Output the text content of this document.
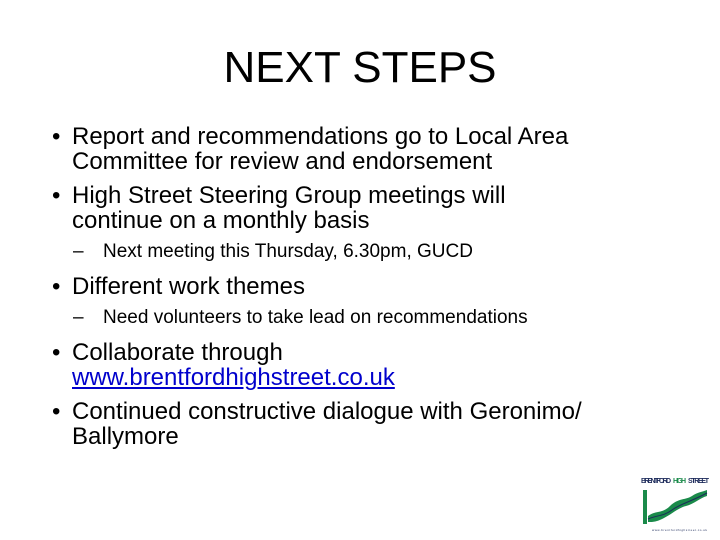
NEXT STEPS
• Report and recommendations go to Local Area
Committee for review and endorsement
• High Street Steering Group meetings will
continue on a monthly basis
– Next meeting this Thursday, 6.30pm, GUCD
• Different work themes
– Need volunteers to take lead on recommendations
• Collaborate through
www.brentfordhighstreet.co.uk
• Continued constructive dialogue with Geronimo/
Ballymore
BRENTFORD HIGH STREET
www.brentfordhighstreet.co.uk
